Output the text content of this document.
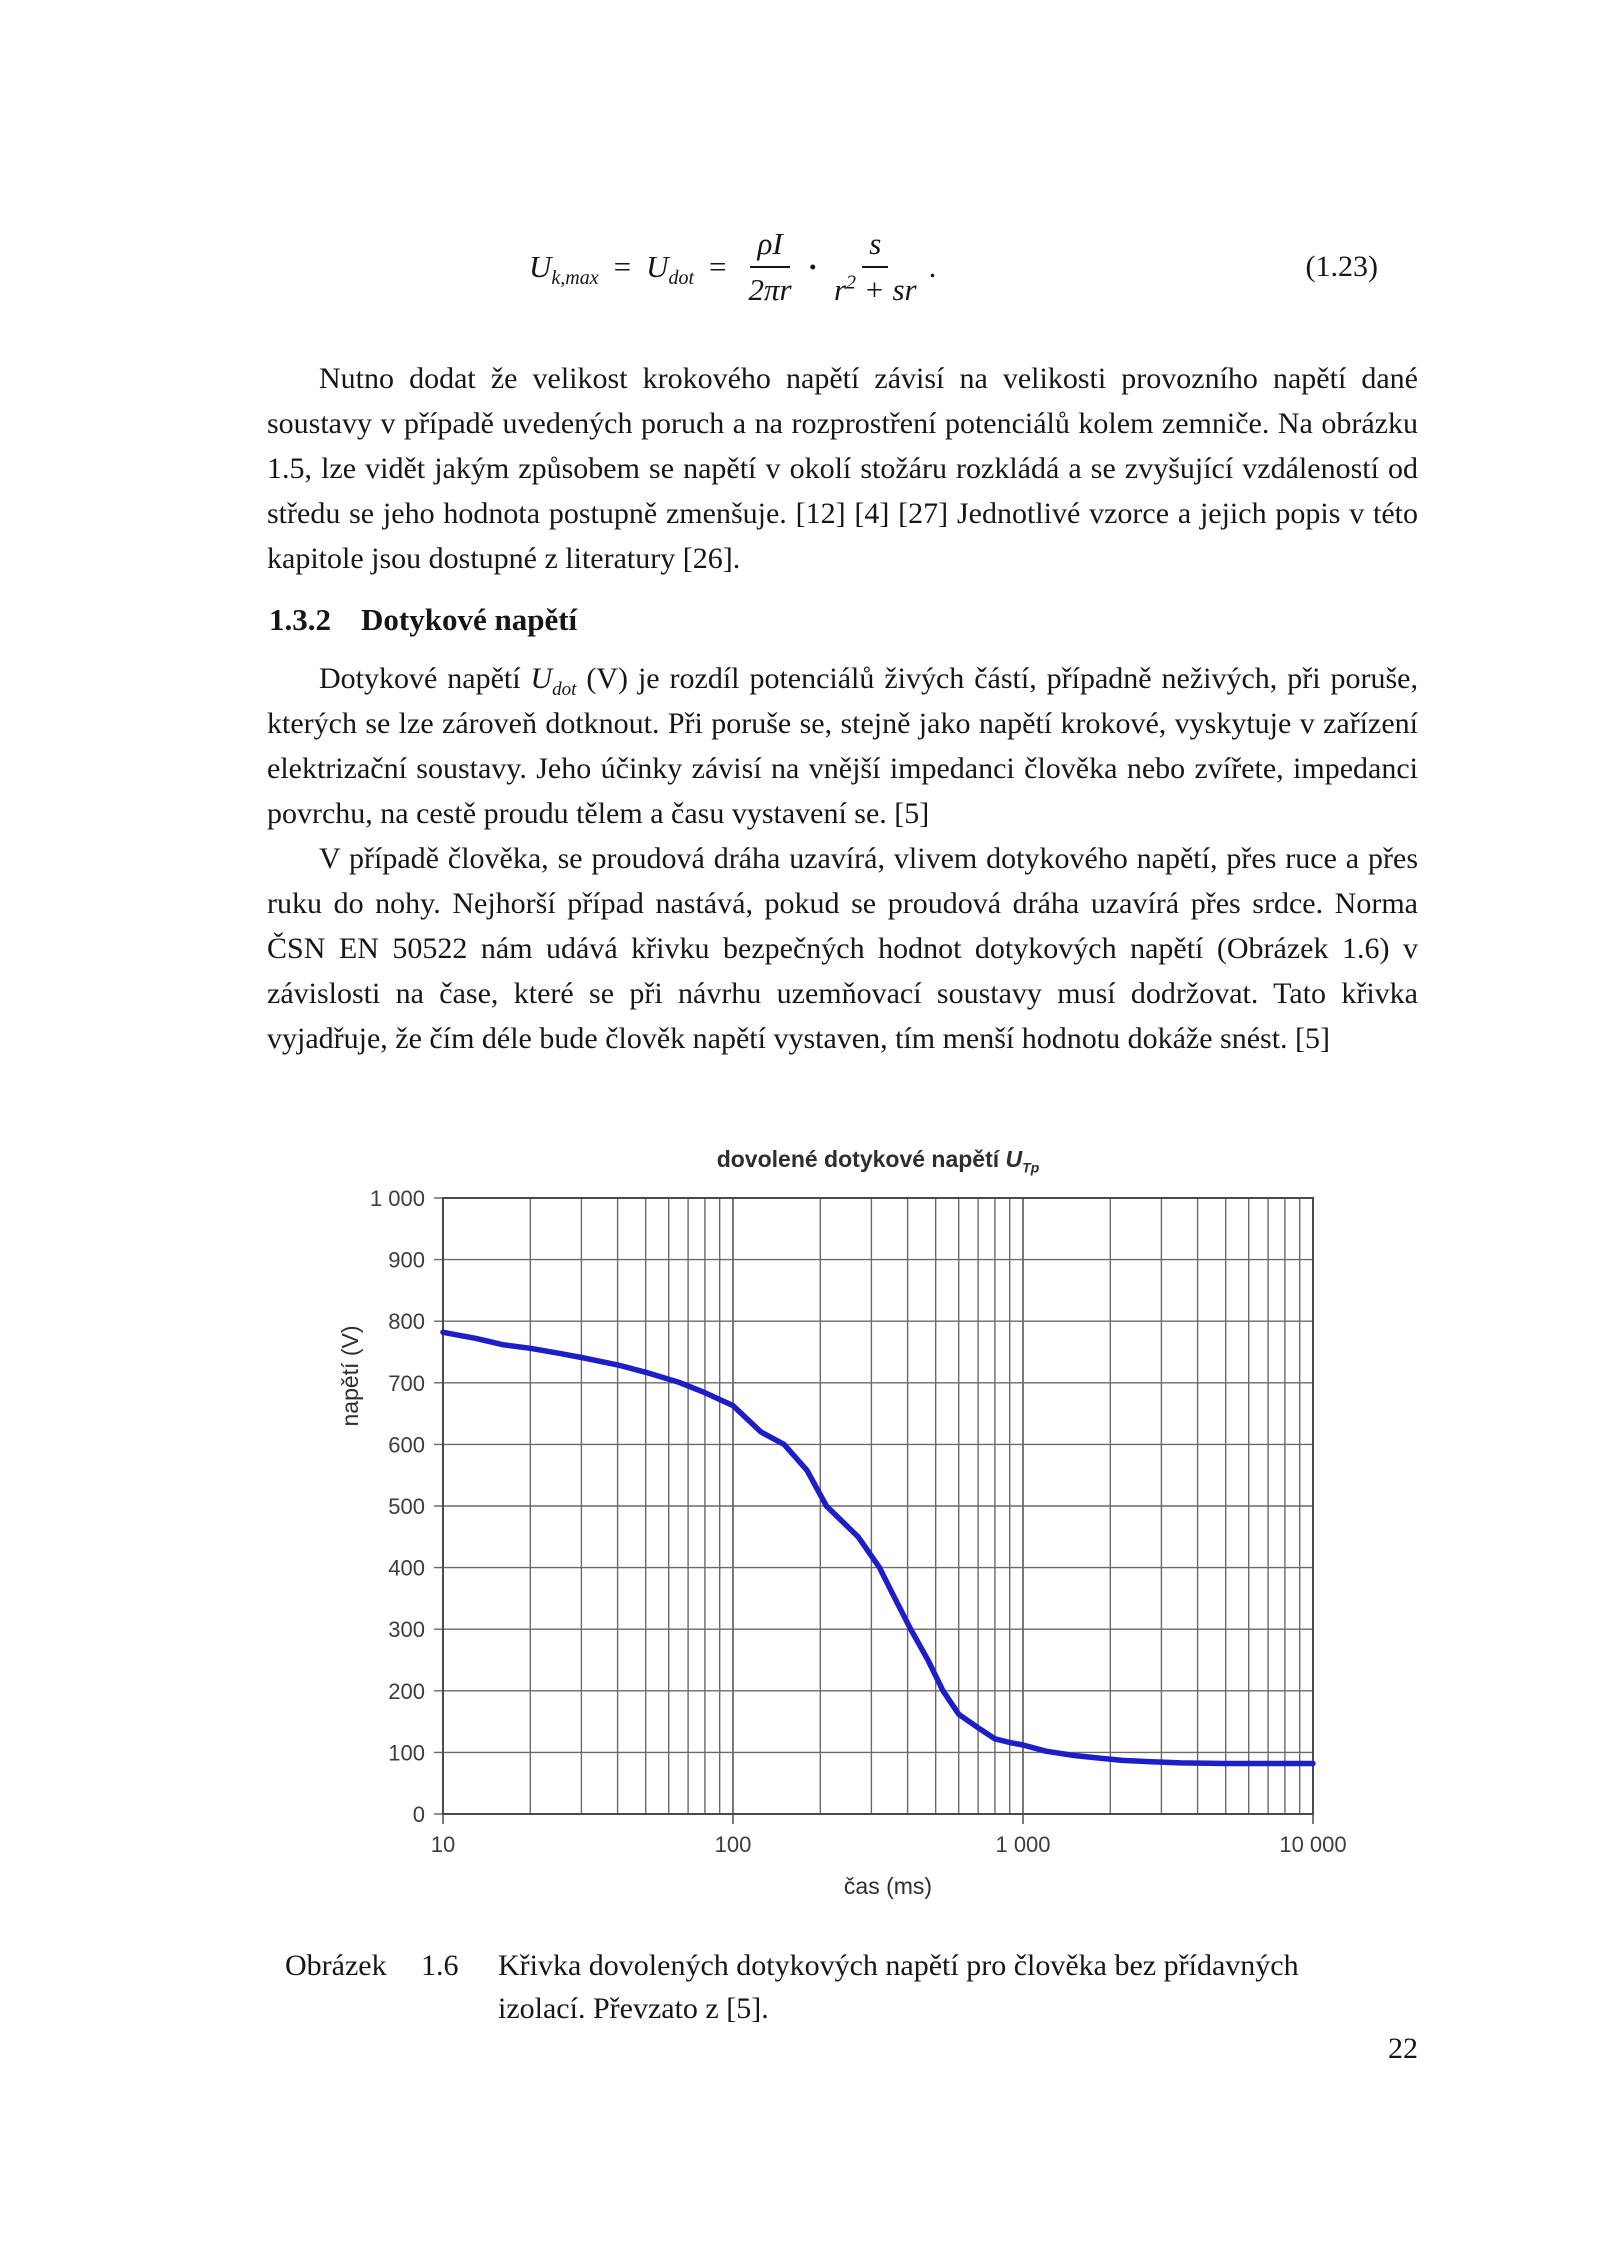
$U_{k,max} = U_{dot} = \frac{\rho I}{2\pi r} \cdot \frac{s}{r^2 + sr}$ .	(1.23)

Nutno dodat že velikost krokového napětí závisí na velikosti provozního napětí dané soustavy v případě uvedených poruch a na rozprostření potenciálů kolem zemniče. Na obrázku 1.5, lze vidět jakým způsobem se napětí v okolí stožáru rozkládá a se zvyšující vzdáleností od středu se jeho hodnota postupně zmenšuje. [12] [4] [27] Jednotlivé vzorce a jejich popis v této kapitole jsou dostupné z literatury [26].

1.3.2 Dotykové napětí

Dotykové napětí $U_{dot}$ (V) je rozdíl potenciálů živých částí, případně neživých, při poruše, kterých se lze zároveň dotknout. Při poruše se, stejně jako napětí krokové, vyskytuje v zařízení elektrizační soustavy. Jeho účinky závisí na vnější impedanci člověka nebo zvířete, impedanci povrchu, na cestě proudu tělem a času vystavení se. [5]

V případě člověka, se proudová dráha uzavírá, vlivem dotykového napětí, přes ruce a přes ruku do nohy. Nejhorší případ nastává, pokud se proudová dráha uzavírá přes srdce. Norma ČSN EN 50522 nám udává křivku bezpečných hodnot dotykových napětí (Obrázek 1.6) v závislosti na čase, které se při návrhu uzemňovací soustavy musí dodržovat. Tato křivka vyjadřuje, že čím déle bude člověk napětí vystaven, tím menší hodnotu dokáže snést. [5]

dovolené dotykové napětí $U_{Tp}$
0
100
200
300
400
500
600
700
800
900
1 000
10	100	1 000	10 000
čas (ms)
napětí (V)
Obrázek 1.6 Křivka dovolených dotykových napětí pro člověka bez přídavných
izolací. Převzato z [5].
22
